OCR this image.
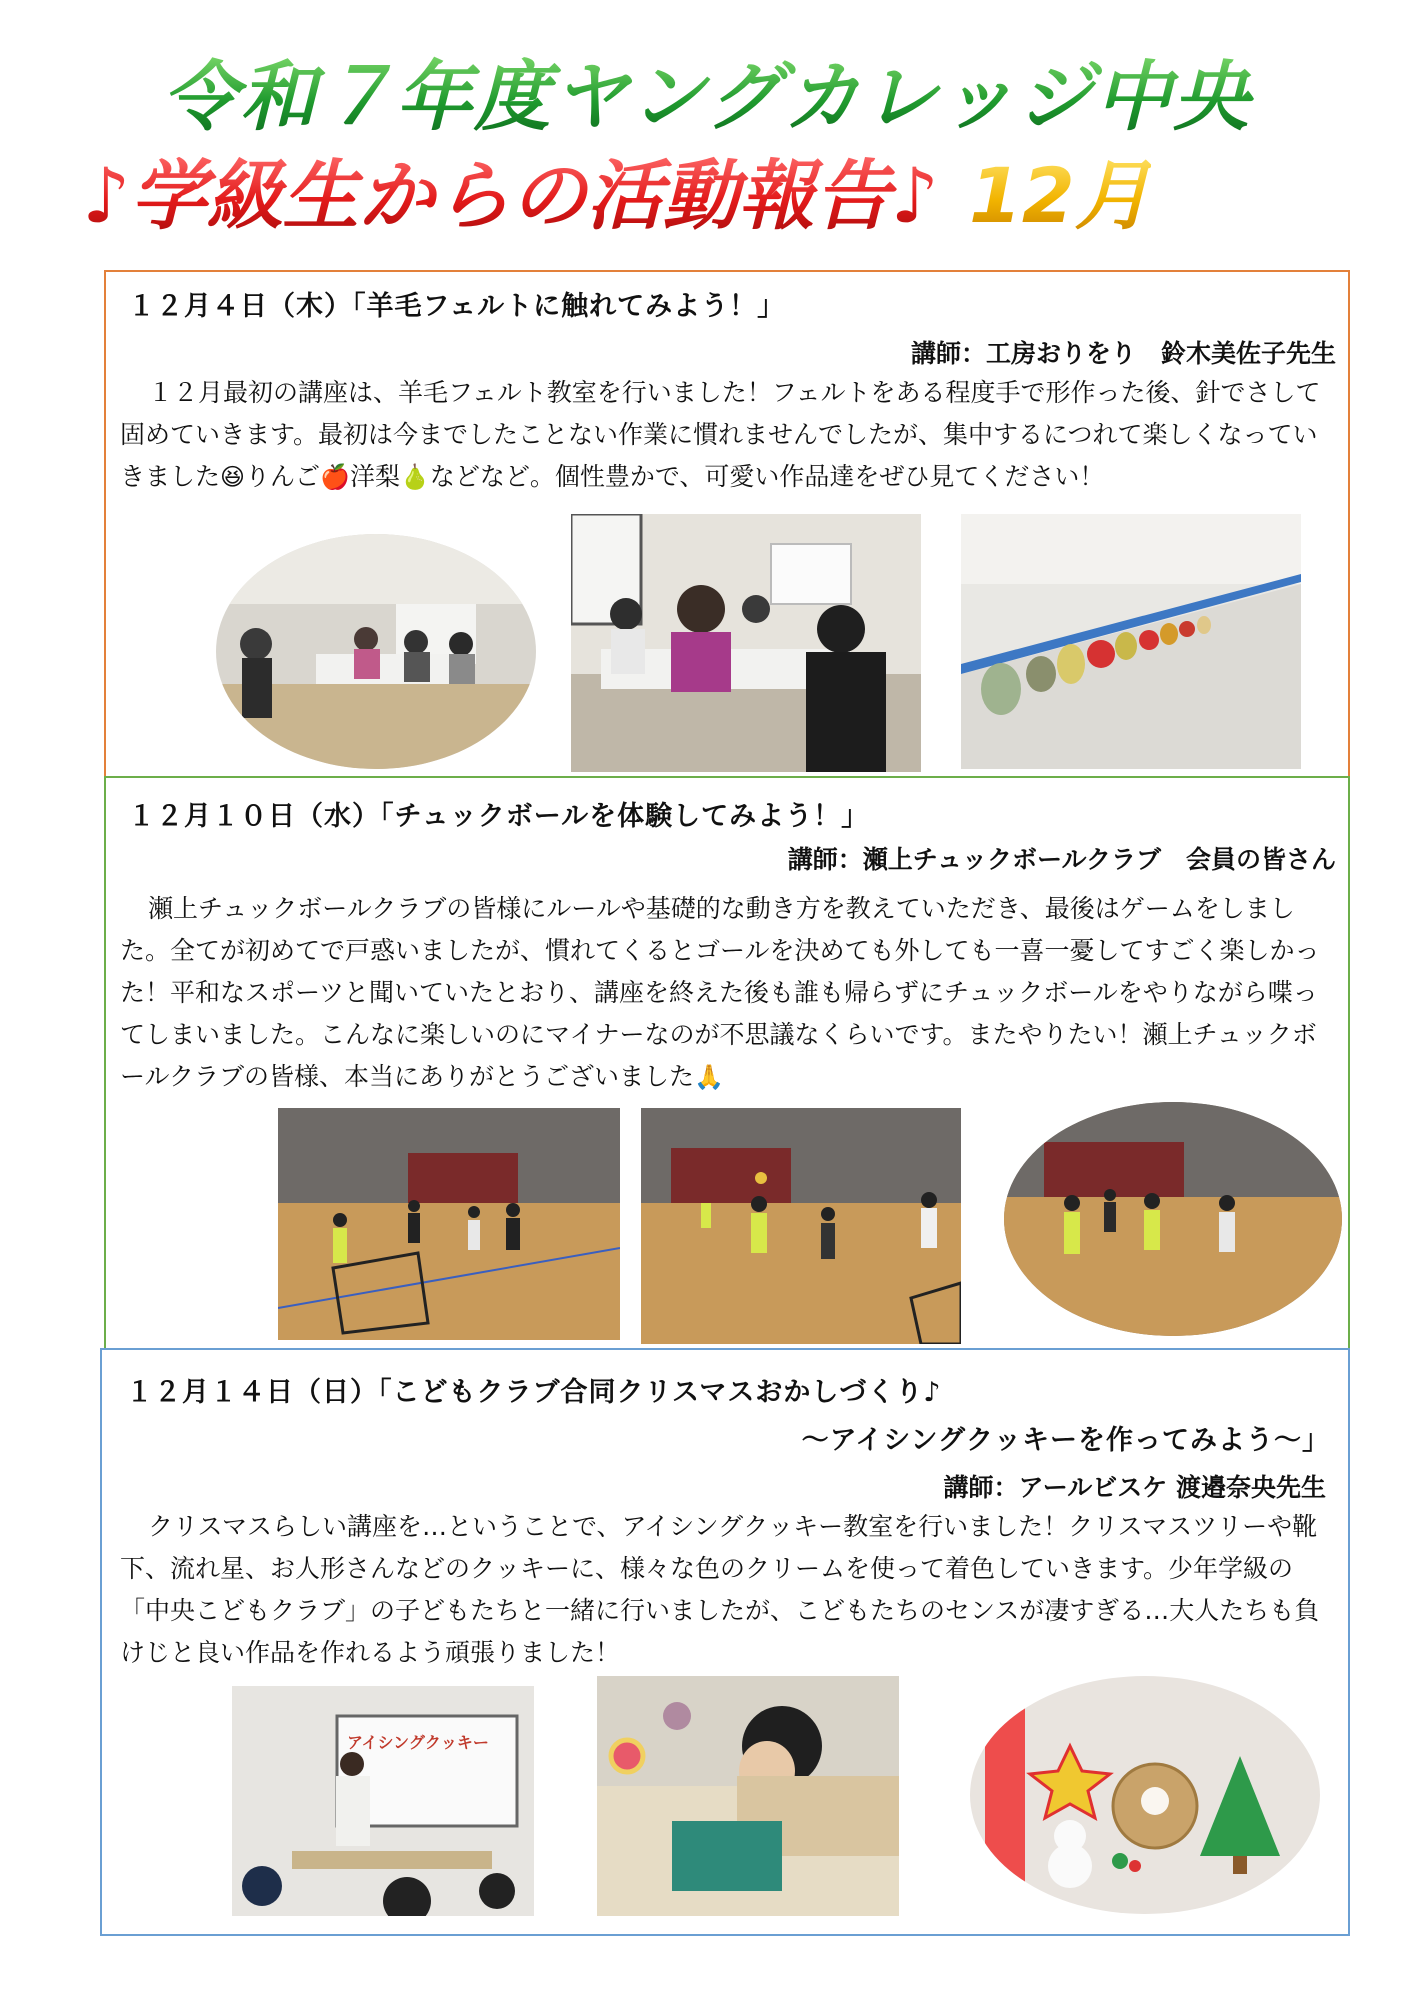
令和７年度ヤングカレッジ中央
♪学級生からの活動報告♪ 12月
１２月４日（木）「羊毛フェルトに触れてみよう！」
講師：工房おりをり　鈴木美佐子先生
１２月最初の講座は、羊毛フェルト教室を行いました！フェルトをある程度手で形作った後、針でさして固めていきます。最初は今までしたことない作業に慣れませんでしたが、集中するにつれて楽しくなっていきました😆りんご🍎洋梨🍐などなど。個性豊かで、可愛い作品達をぜひ見てください！
１２月１０日（水）「チュックボールを体験してみよう！」
講師：瀬上チュックボールクラブ　会員の皆さん
瀬上チュックボールクラブの皆様にルールや基礎的な動き方を教えていただき、最後はゲームをしました。全てが初めてで戸惑いましたが、慣れてくるとゴールを決めても外しても一喜一憂してすごく楽しかった！平和なスポーツと聞いていたとおり、講座を終えた後も誰も帰らずにチュックボールをやりながら喋ってしまいました。こんなに楽しいのにマイナーなのが不思議なくらいです。またやりたい！瀬上チュックボールクラブの皆様、本当にありがとうございました🙏
１２月１４日（日）「こどもクラブ合同クリスマスおかしづくり♪
～アイシングクッキーを作ってみよう～」
講師：アールビスケ 渡邉奈央先生
クリスマスらしい講座を…ということで、アイシングクッキー教室を行いました！クリスマスツリーや靴下、流れ星、お人形さんなどのクッキーに、様々な色のクリームを使って着色していきます。少年学級の「中央こどもクラブ」の子どもたちと一緒に行いましたが、こどもたちのセンスが凄すぎる…大人たちも負けじと良い作品を作れるよう頑張りました！
アイシングクッキー
